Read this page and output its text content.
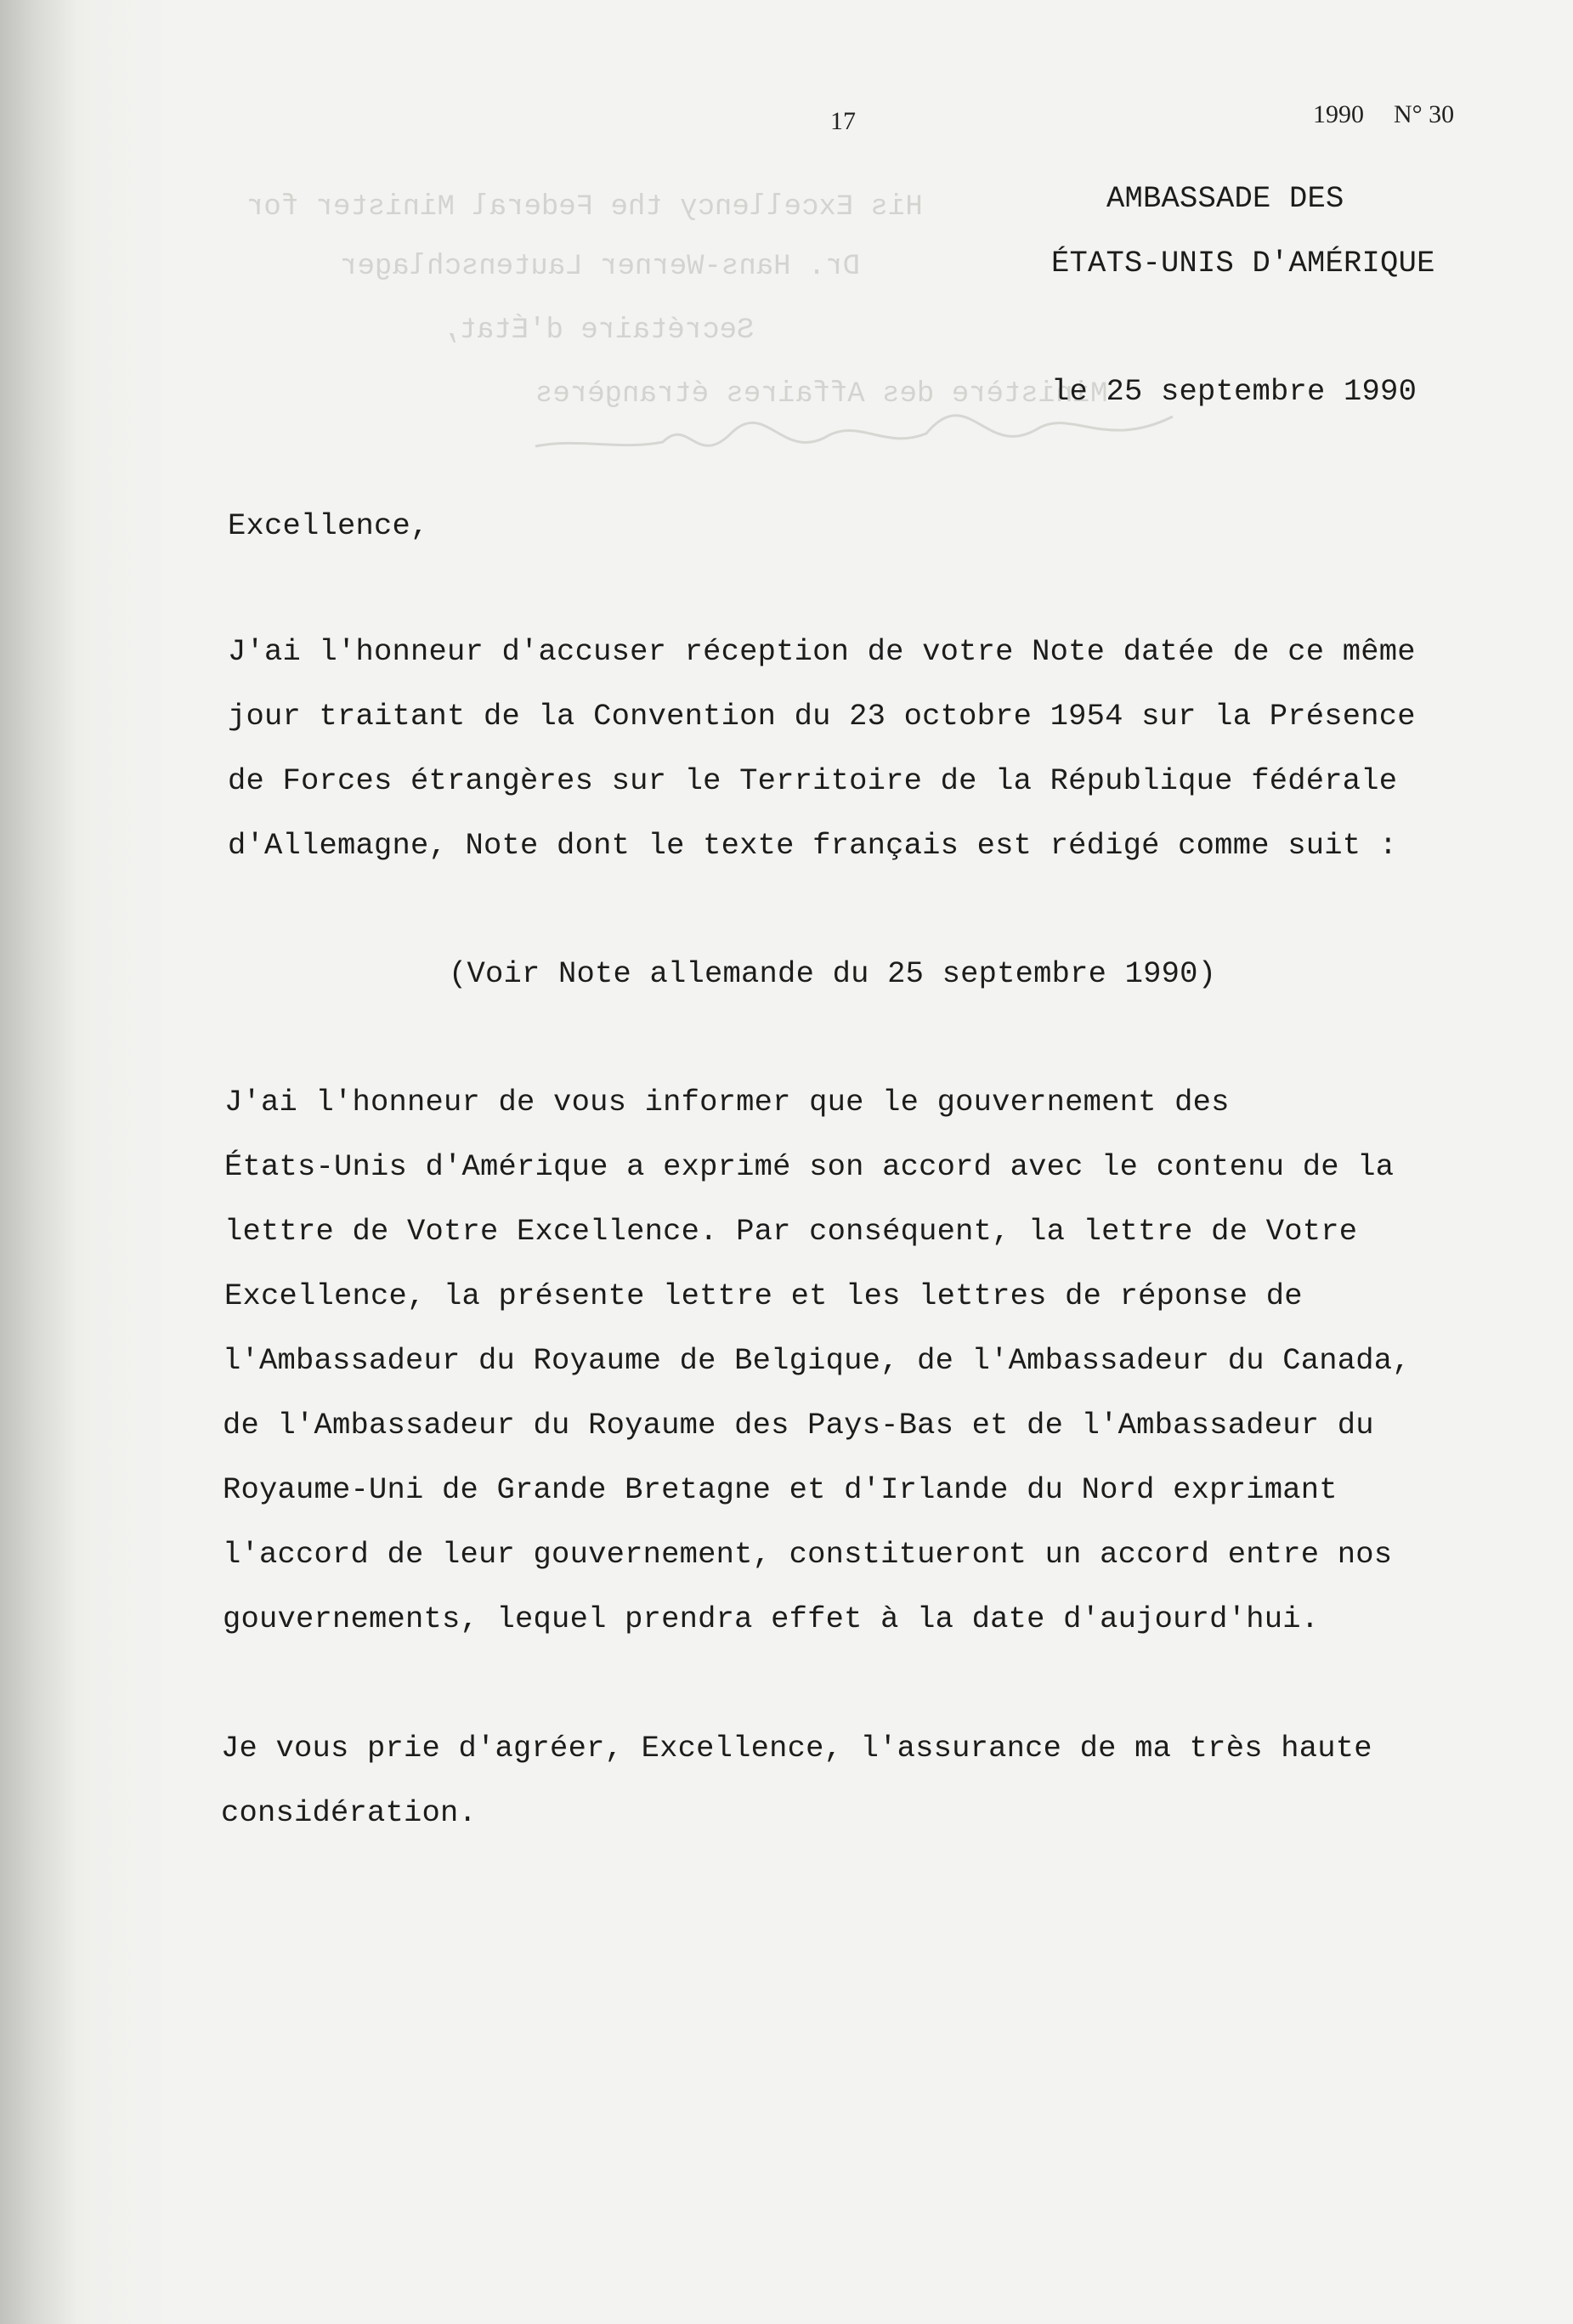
His Excellency the Federal Minister for
Dr. Hans-Werner Lautenschlager
Secrétaire d'État,
Ministère des Affaires étrangères
17	1990 N° 30
AMBASSADE DES
ÉTATS-UNIS D'AMÉRIQUE
le 25 septembre 1990
Excellence,
J'ai l'honneur d'accuser réception de votre Note datée de ce même
jour traitant de la Convention du 23 octobre 1954 sur la Présence
de Forces étrangères sur le Territoire de la République fédérale
d'Allemagne, Note dont le texte français est rédigé comme suit :
(Voir Note allemande du 25 septembre 1990)
J'ai l'honneur de vous informer que le gouvernement des
États-Unis d'Amérique a exprimé son accord avec le contenu de la
lettre de Votre Excellence. Par conséquent, la lettre de Votre
Excellence, la présente lettre et les lettres de réponse de
l'Ambassadeur du Royaume de Belgique, de l'Ambassadeur du Canada,
de l'Ambassadeur du Royaume des Pays-Bas et de l'Ambassadeur du
Royaume-Uni de Grande Bretagne et d'Irlande du Nord exprimant
l'accord de leur gouvernement, constitueront un accord entre nos
gouvernements, lequel prendra effet à la date d'aujourd'hui.
Je vous prie d'agréer, Excellence, l'assurance de ma très haute
considération.
